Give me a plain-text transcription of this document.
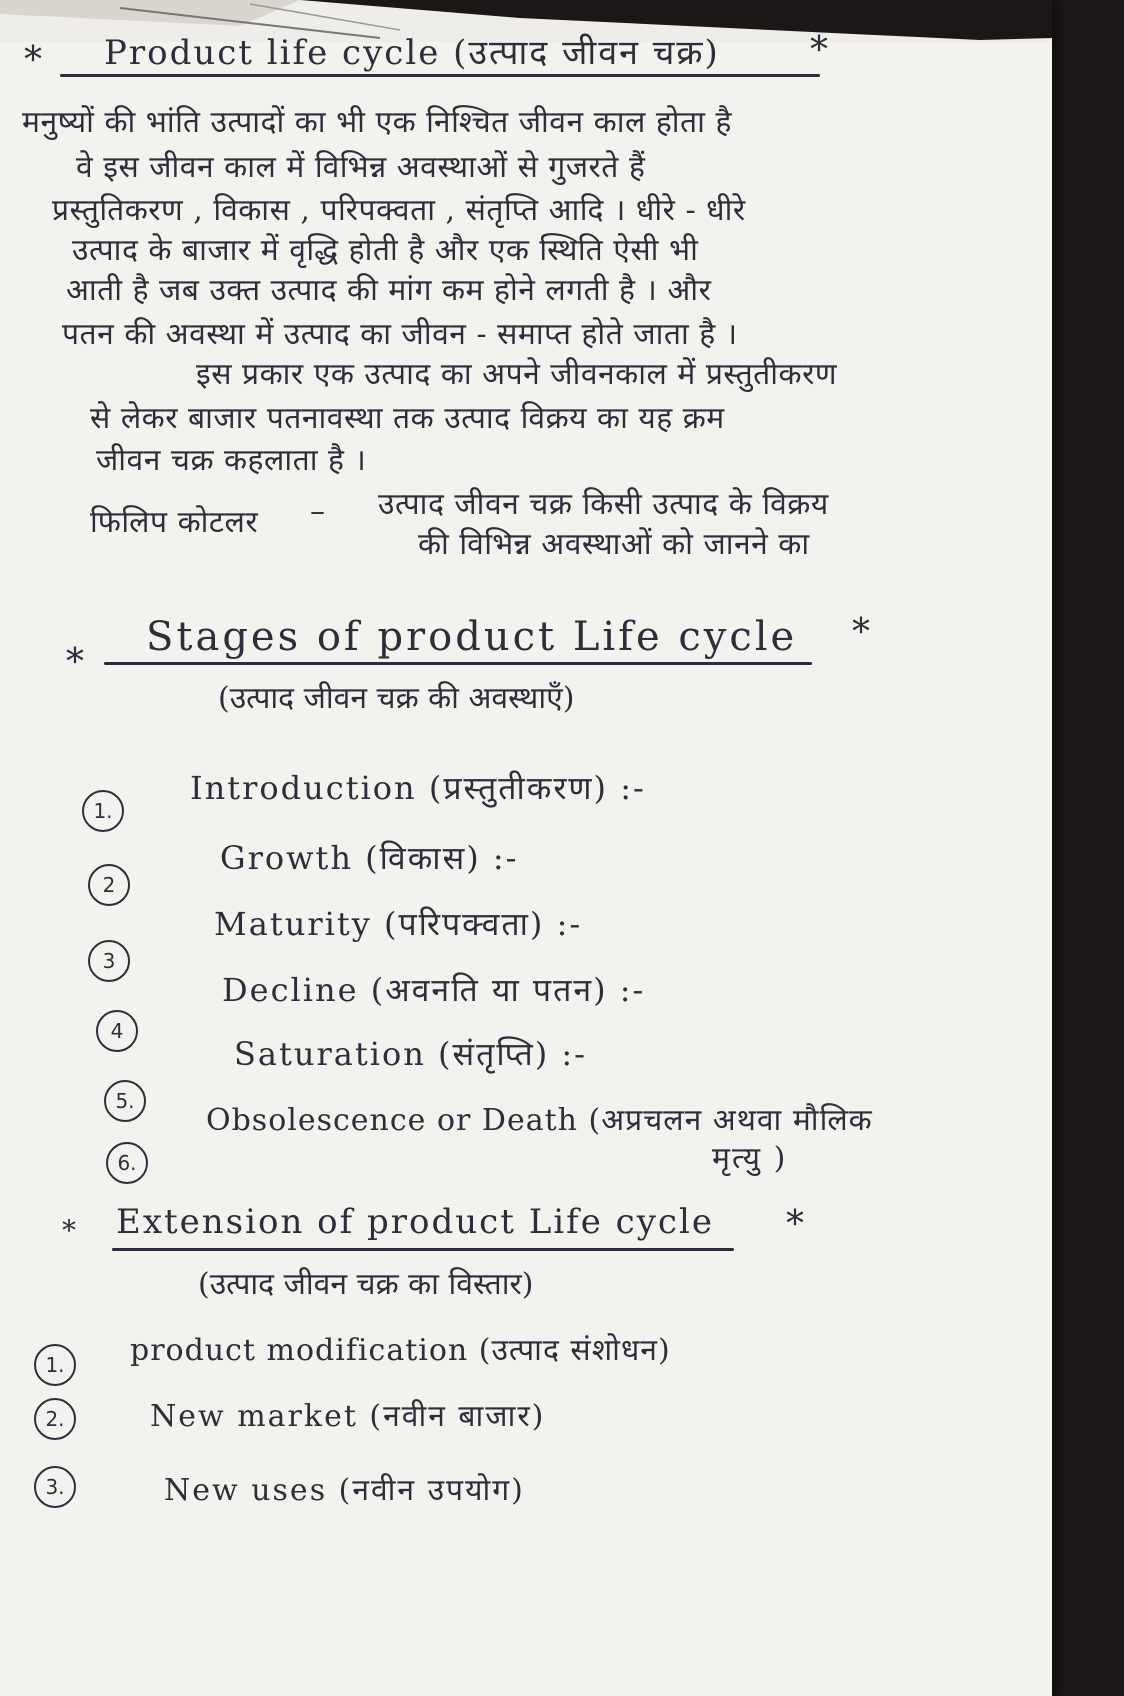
* Product life cycle (उत्पाद जीवन चक्र)	*
मनुष्यों की भांति उत्पादों का भी एक निश्चित जीवन काल होता है
वे इस जीवन काल में विभिन्न अवस्थाओं से गुजरते हैं
प्रस्तुतिकरण , विकास , परिपक्वता , संतृप्ति आदि । धीरे - धीरे
उत्पाद के बाजार में वृद्धि होती है और एक स्थिति ऐसी भी
आती है जब उक्त उत्पाद की मांग कम होने लगती है । और
पतन की अवस्था में उत्पाद का जीवन - समाप्त होते जाता है ।
इस प्रकार एक उत्पाद का अपने जीवनकाल में प्रस्तुतीकरण
से लेकर बाजार पतनावस्था तक उत्पाद विक्रय का यह क्रम
जीवन चक्र कहलाता है ।
फिलिप कोटलर – उत्पाद जीवन चक्र किसी उत्पाद के विक्रय
की विभिन्न अवस्थाओं को जानने का
*
Stages of product Life cycle *
(उत्पाद जीवन चक्र की अवस्थाएँ)
1.
Introduction (प्रस्तुतीकरण) :-
2
Growth (विकास) :-
3
Maturity (परिपक्वता) :-
4
Decline (अवनति या पतन) :-
5.
Saturation (संतृप्ति) :-
6.
Obsolescence or Death (अप्रचलन अथवा मौलिक
मृत्यु )
* Extension of product Life cycle *
(उत्पाद जीवन चक्र का विस्तार)
1.	product modification (उत्पाद संशोधन)
2.	New market (नवीन बाजार)
3.	New uses (नवीन उपयोग)
